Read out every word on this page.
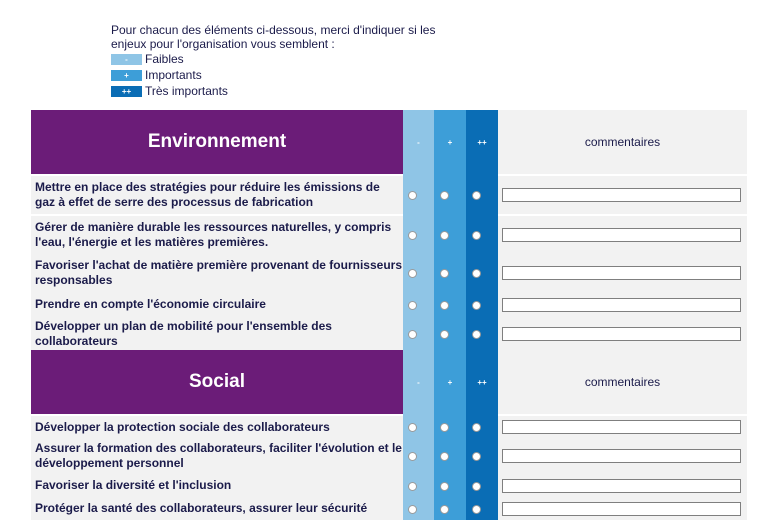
Pour chacun des éléments ci-dessous, merci d'indiquer si les enjeux pour l'organisation vous semblent :
-	Faibles
+	Importants
++	Très importants
Environnement	-	+	++	commentaires
Mettre en place des stratégies pour réduire les émissions de gaz à effet de serre des processus de fabrication
Gérer de manière durable les ressources naturelles, y compris l'eau, l'énergie et les matières premières.
Favoriser l'achat de matière première provenant de fournisseurs responsables
Prendre en compte l'économie circulaire
Développer un plan de mobilité pour l'ensemble des collaborateurs
Social	-	+	++	commentaires
Développer la protection sociale des collaborateurs
Assurer la formation des collaborateurs, faciliter l'évolution et le développement personnel
Favoriser la diversité et l'inclusion
Protéger la santé des collaborateurs, assurer leur sécurité
